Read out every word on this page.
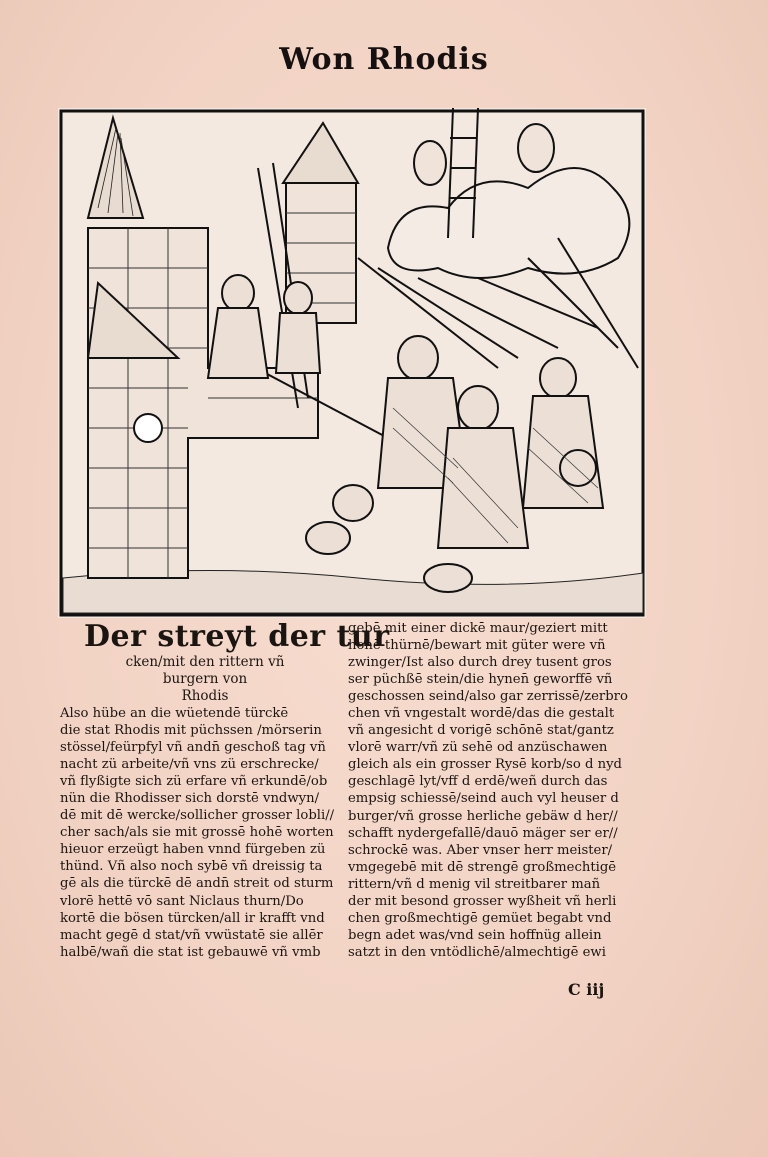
Won Rhodis
Der streyt der tur
cken/mit den rittern vñ
burgern von
Rhodis
Also hübe an die wüetendē türckē
die stat Rhodis mit püchssen /mörserin
stössel/feürpfyl vñ andn̄ geschoß tag vñ
nacht zü arbeite/vñ vns zü erschrecke/
vñ flyßigte sich zü erfare vñ erkundē/ob
nün die Rhodisser sich dorstē vndwyn/
dē mit dē wercke/sollicher grosser lobli//
cher sach/als sie mit grossē hohē worten
hieuor erzeügt haben vnnd fürgeben zü
thünd. Vñ also noch sybē vñ dreissig ta
gē als die türckē dē andn̄ streit od sturm
vlorē hettē vō sant Niclaus thurn/Do
kortē die bösen türcken/all ir krafft vnd
macht gegē d stat/vñ vwüstatē sie allēr
halbē/wañ die stat ist gebauwē vñ vmb
gebē mit einer dickē maur/geziert mitt
hohē thürnē/bewart mit güter were vñ
zwinger/Ist also durch drey tusent gros
ser püchßē stein/die hynen̄ geworffē vñ
geschossen seind/also gar zerrissē/zerbro
chen vñ vngestalt wordē/das die gestalt
vñ angesicht d vorigē schōnē stat/gantz
vlorē warr/vñ zü sehē od anzüschawen
gleich als ein grosser Rysē korb/so d nyd
geschlagē lyt/vff d erdē/weñ durch das
empsig schiessē/seind auch vyl heuser d
burger/vñ grosse herliche gebäw d her//
schafft nydergefallē/dauō mäger ser er//
schrockē was. Aber vnser herr meister/
vmgegebē mit dē strengē großmechtigē
rittern/vñ d menig vil streitbarer mañ
der mit besond grosser wyßheit vñ herli
chen großmechtigē gemüet begabt vnd
begn adet was/vnd sein hoffnüg allein
satzt in den vntödlichē/almechtigē ewi
C iij
